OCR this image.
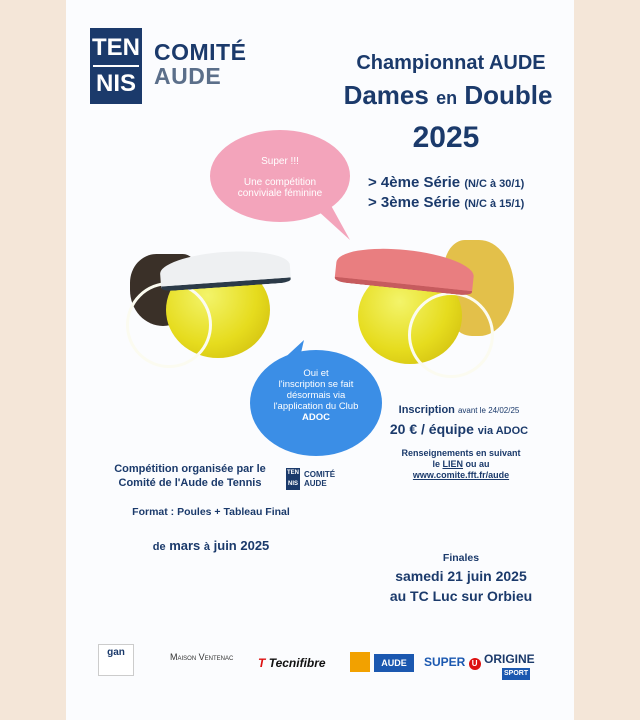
TEN
NIS
COMITÉ
AUDE	Championnat AUDE
Dames en Double
2025
> 4ème Série (N/C à 30/1)
> 3ème Série (N/C à 15/1)
Super !!!
Une compétition
conviviale féminine
Oui et
l'inscription se fait
désormais via
l'application du Club
ADOC
Inscription avant le 24/02/25
20 € / équipe via ADOC
Renseignements en suivant
le LIEN ou au
www.comite.fft.fr/aude
Compétition organisée par le
Comité de l'Aude de Tennis
TEN
NIS
COMITÉ
AUDE
Format : Poules + Tableau Final
de mars à juin 2025
Finales
samedi 21 juin 2025
au TC Luc sur Orbieu
gan	Maison Ventenac T Tecnifibre	AUDE	SUPER U ORIGINE
SPORT
